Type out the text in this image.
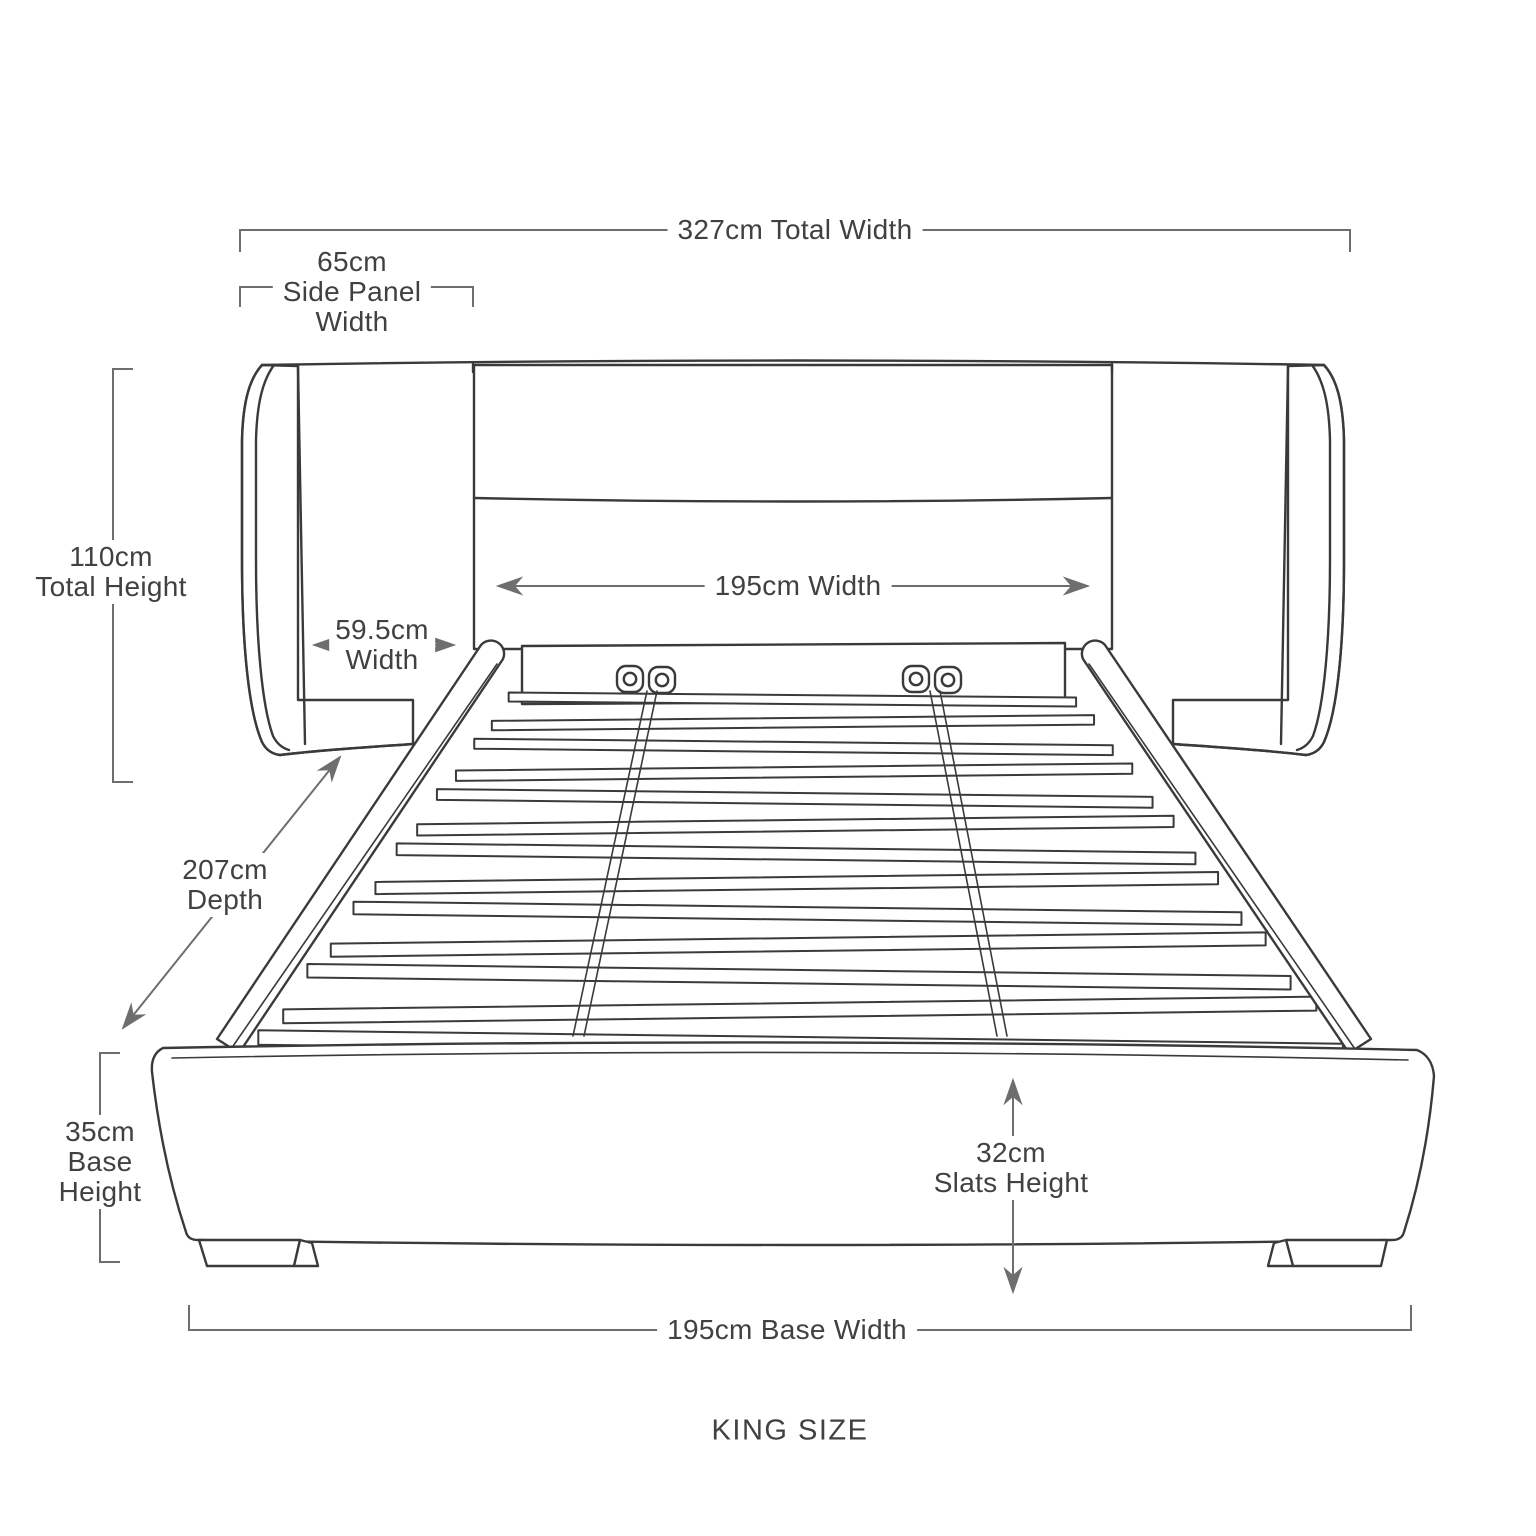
327cm Total Width
65cm
Side Panel
Width
110cm
Total Height
59.5cm
Width
207cm
Depth
35cm
Base
Height
195cm Width
32cm
Slats Height
195cm Base Width
KING SIZE
